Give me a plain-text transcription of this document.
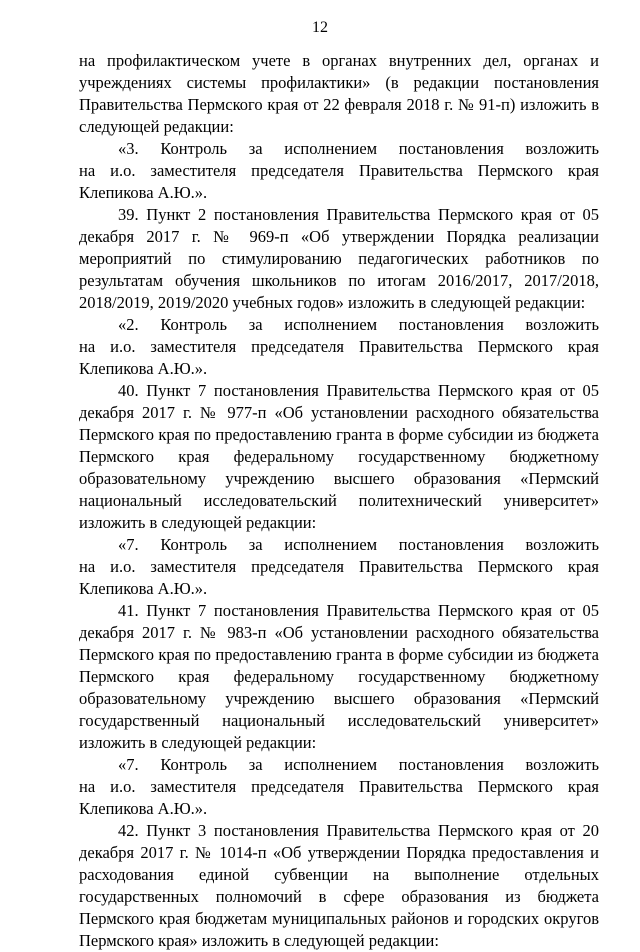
12

на профилактическом учете в органах внутренних дел, органах и учреждениях системы профилактики» (в редакции постановления Правительства Пермского края от 22 февраля 2018 г. № 91-п) изложить в следующей редакции:

«3. Контроль за исполнением постановления возложить
на и.о. заместителя председателя Правительства Пермского края
Клепикова А.Ю.».

39. Пункт 2 постановления Правительства Пермского края от 05 декабря 2017 г. № 969-п «Об утверждении Порядка реализации мероприятий по стимулированию педагогических работников по результатам обучения школьников по итогам 2016/2017, 2017/2018, 2018/2019, 2019/2020 учебных годов» изложить в следующей редакции:

«2. Контроль за исполнением постановления возложить
на и.о. заместителя председателя Правительства Пермского края
Клепикова А.Ю.».

40. Пункт 7 постановления Правительства Пермского края от 05 декабря 2017 г. № 977-п «Об установлении расходного обязательства Пермского края по предоставлению гранта в форме субсидии из бюджета Пермского края федеральному государственному бюджетному образовательному учреждению высшего образования «Пермский национальный исследовательский политехнический университет» изложить в следующей редакции:

«7. Контроль за исполнением постановления возложить
на и.о. заместителя председателя Правительства Пермского края
Клепикова А.Ю.».

41. Пункт 7 постановления Правительства Пермского края от 05 декабря 2017 г. № 983-п «Об установлении расходного обязательства Пермского края по предоставлению гранта в форме субсидии из бюджета Пермского края федеральному государственному бюджетному образовательному учреждению высшего образования «Пермский государственный национальный исследовательский университет» изложить в следующей редакции:

«7. Контроль за исполнением постановления возложить
на и.о. заместителя председателя Правительства Пермского края
Клепикова А.Ю.».

42. Пункт 3 постановления Правительства Пермского края от 20 декабря 2017 г. № 1014-п «Об утверждении Порядка предоставления и расходования единой субвенции на выполнение отдельных государственных полномочий в сфере образования из бюджета Пермского края бюджетам муниципальных районов и городских округов Пермского края» изложить в следующей редакции:
